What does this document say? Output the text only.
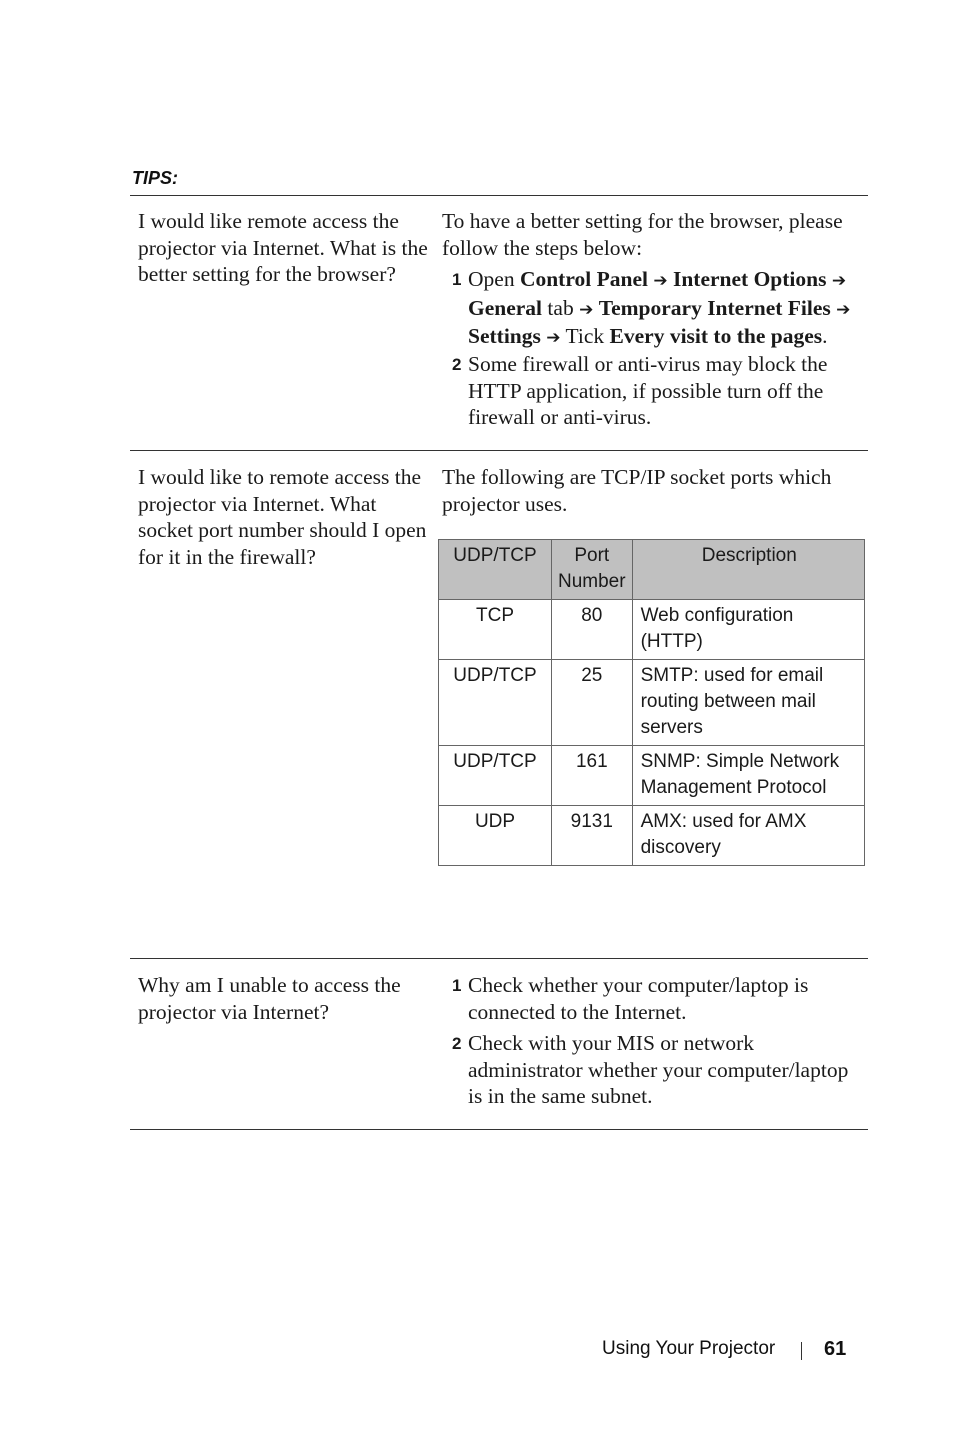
TIPS:
I would like remote access the projector via Internet. What is the better setting for the browser?
To have a better setting for the browser, please follow the steps below:
1 Open Control Panel ➔ Internet Options ➔ General tab ➔ Temporary Internet Files ➔ Settings ➔ Tick Every visit to the pages.
2 Some firewall or anti-virus may block the HTTP application, if possible turn off the firewall or anti-virus.
I would like to remote access the projector via Internet. What socket port number should I open for it in the firewall?
The following are TCP/IP socket ports which projector uses.
UDP/TCP	Port Number	Description
TCP	80	Web configuration (HTTP)
UDP/TCP	25	SMTP: used for email routing between mail servers
UDP/TCP	161	SNMP: Simple Network Management Protocol
UDP	9131	AMX: used for AMX discovery
Why am I unable to access the projector via Internet?
1 Check whether your computer/laptop is connected to the Internet.
2 Check with your MIS or network administrator whether your computer/laptop is in the same subnet.
Using Your Projector 61
